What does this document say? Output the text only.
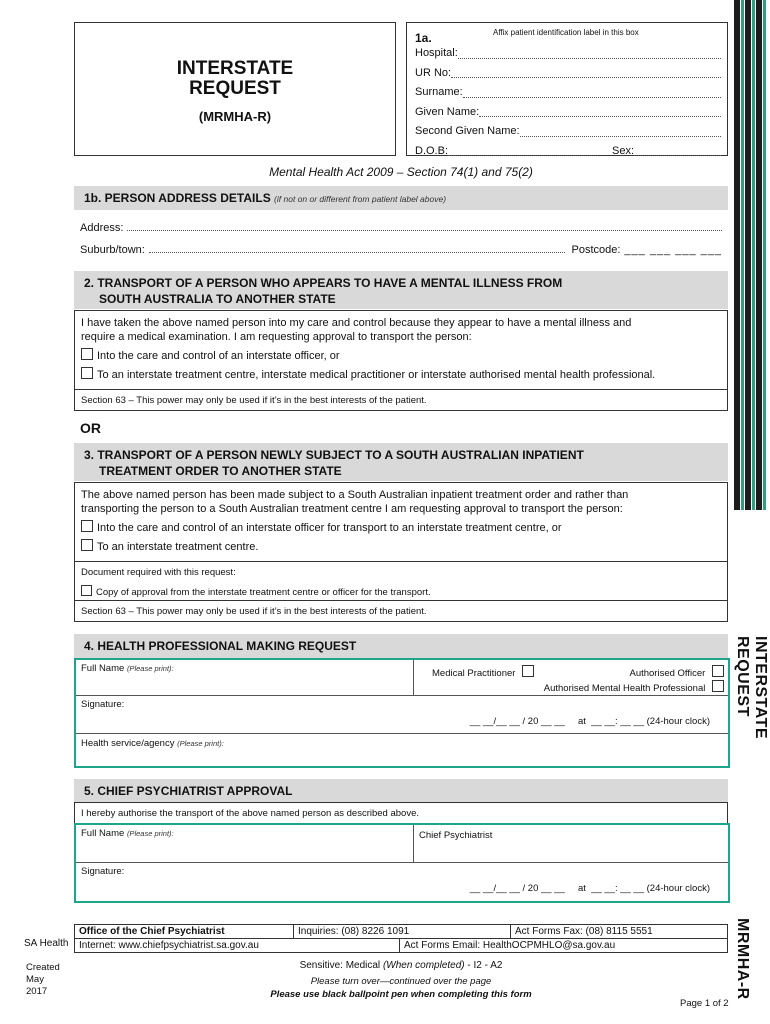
INTERSTATE
REQUEST
(MRMHA-R)
1a.	Affix patient identification label in this box
Hospital:
UR No:
Surname:
Given Name:
Second Given Name:
D.O.B:	Sex:
Mental Health Act 2009 – Section 74(1) and 75(2)
1b. PERSON ADDRESS DETAILS (if not on or different from patient label above)
Address:
Suburb/town:	Postcode: ___ ___ ___ ___
2. TRANSPORT OF A PERSON WHO APPEARS TO HAVE A MENTAL ILLNESS FROM
SOUTH AUSTRALIA TO ANOTHER STATE
I have taken the above named person into my care and control because they appear to have a mental illness and
require a medical examination. I am requesting approval to transport the person:
Into the care and control of an interstate officer, or
To an interstate treatment centre, interstate medical practitioner or interstate authorised mental health professional.
Section 63 – This power may only be used if it’s in the best interests of the patient.
OR
3. TRANSPORT OF A PERSON NEWLY SUBJECT TO A SOUTH AUSTRALIAN INPATIENT
TREATMENT ORDER TO ANOTHER STATE
The above named person has been made subject to a South Australian inpatient treatment order and rather than
transporting the person to a South Australian treatment centre I am requesting approval to transport the person:
Into the care and control of an interstate officer for transport to an interstate treatment centre, or
To an interstate treatment centre.
Document required with this request:
Copy of approval from the interstate treatment centre or officer for the transport.
Section 63 – This power may only be used if it’s in the best interests of the patient.
4. HEALTH PROFESSIONAL MAKING REQUEST
Full Name (Please print):	Medical Practitioner	Authorised Officer
Authorised Mental Health Professional
Signature:
__ __/__ __ / 20 __ __     at  __ __: __ __ (24-hour clock)
Health service/agency (Please print):
5. CHIEF PSYCHIATRIST APPROVAL
I hereby authorise the transport of the above named person as described above.
Full Name (Please print):	Chief Psychiatrist
Signature:
__ __/__ __ / 20 __ __     at  __ __: __ __ (24-hour clock)
INTERSTATE REQUEST
MRMHA-R
SA Health
Created
May
2017
Office of the Chief Psychiatrist	Inquiries: (08) 8226 1091	Act Forms Fax: (08) 8115 5551
Internet: www.chiefpsychiatrist.sa.gov.au	Act Forms Email: HealthOCPMHLO@sa.gov.au
Sensitive: Medical (When completed) - I2 - A2
Please turn over—continued over the page
Please use black ballpoint pen when completing this form
Page 1 of 2
